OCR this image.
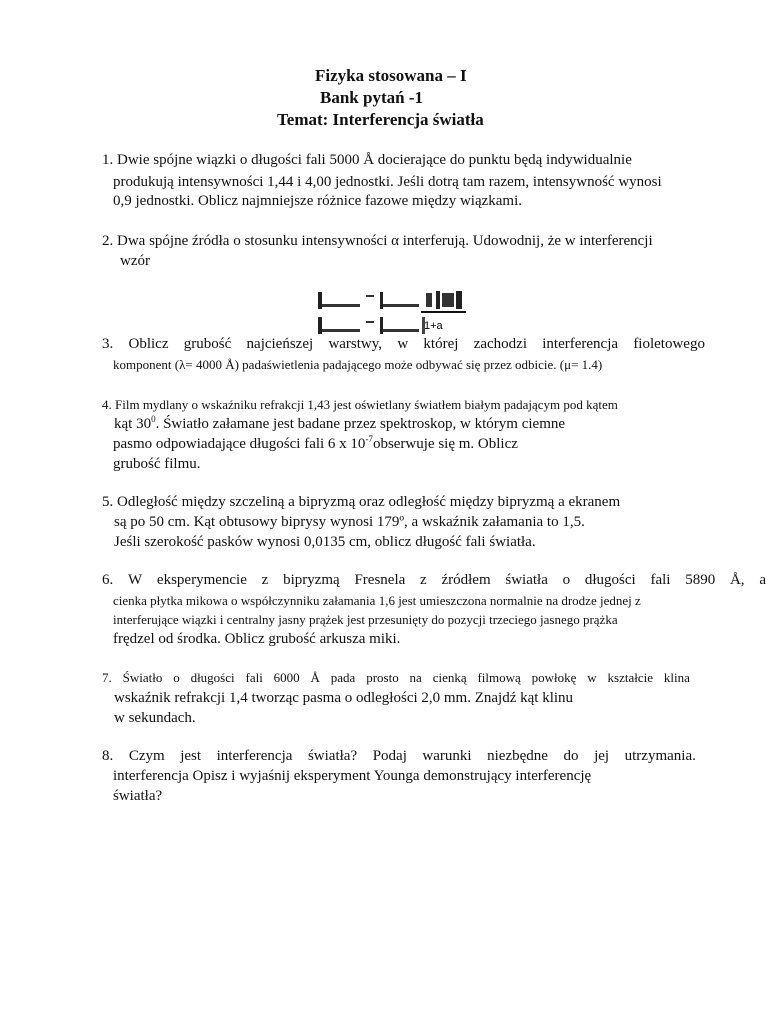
Fizyka stosowana – I
Bank pytań -1
Temat: Interferencja światła
1. Dwie spójne wiązki o długości fali 5000 Å docierające do punktu będą indywidualnie
produkują intensywności 1,44 i 4,00 jednostki. Jeśli dotrą tam razem, intensywność wynosi
0,9 jednostki. Oblicz najmniejsze różnice fazowe między wiązkami.
2. Dwa spójne źródła o stosunku intensywności α interferują. Udowodnij, że w interferencji
wzór
1+a
3. Oblicz grubość najcieńszej warstwy, w której zachodzi interferencja fioletowego
komponent (λ= 4000 Å) padaświetlenia padającego może odbywać się przez odbicie. (μ= 1.4)
4. Film mydlany o wskaźniku refrakcji 1,43 jest oświetlany światłem białym padającym pod kątem
kąt $30^0$. Światło załamane jest badane przez spektroskop, w którym ciemne
pasmo odpowiadające długości fali 6 x $10^{-7}obserwuje$ się m. Oblicz
grubość filmu.
5. Odległość między szczeliną a bipryzmą oraz odległość między bipryzmą a ekranem
są po 50 cm. Kąt obtusowy biprysy wynosi 179º, a wskaźnik załamania to 1,5.
Jeśli szerokość pasków wynosi 0,0135 cm, oblicz długość fali światła.
6. W eksperymencie z bipryzmą Fresnela z źródłem światła o długości fali 5890 Å, a
cienka płytka mikowa o współczynniku załamania 1,6 jest umieszczona normalnie na drodze jednej z
interferujące wiązki i centralny jasny prążek jest przesunięty do pozycji trzeciego jasnego prążka
frędzel od środka. Oblicz grubość arkusza miki.
7. Światło o długości fali 6000 Å pada prosto na cienką filmową powłokę w kształcie klina
wskaźnik refrakcji 1,4 tworząc pasma o odległości 2,0 mm. Znajdź kąt klinu
w sekundach.
8. Czym jest interferencja światła? Podaj warunki niezbędne do jej utrzymania.
interferencja Opisz i wyjaśnij eksperyment Younga demonstrujący interferencję
światła?
